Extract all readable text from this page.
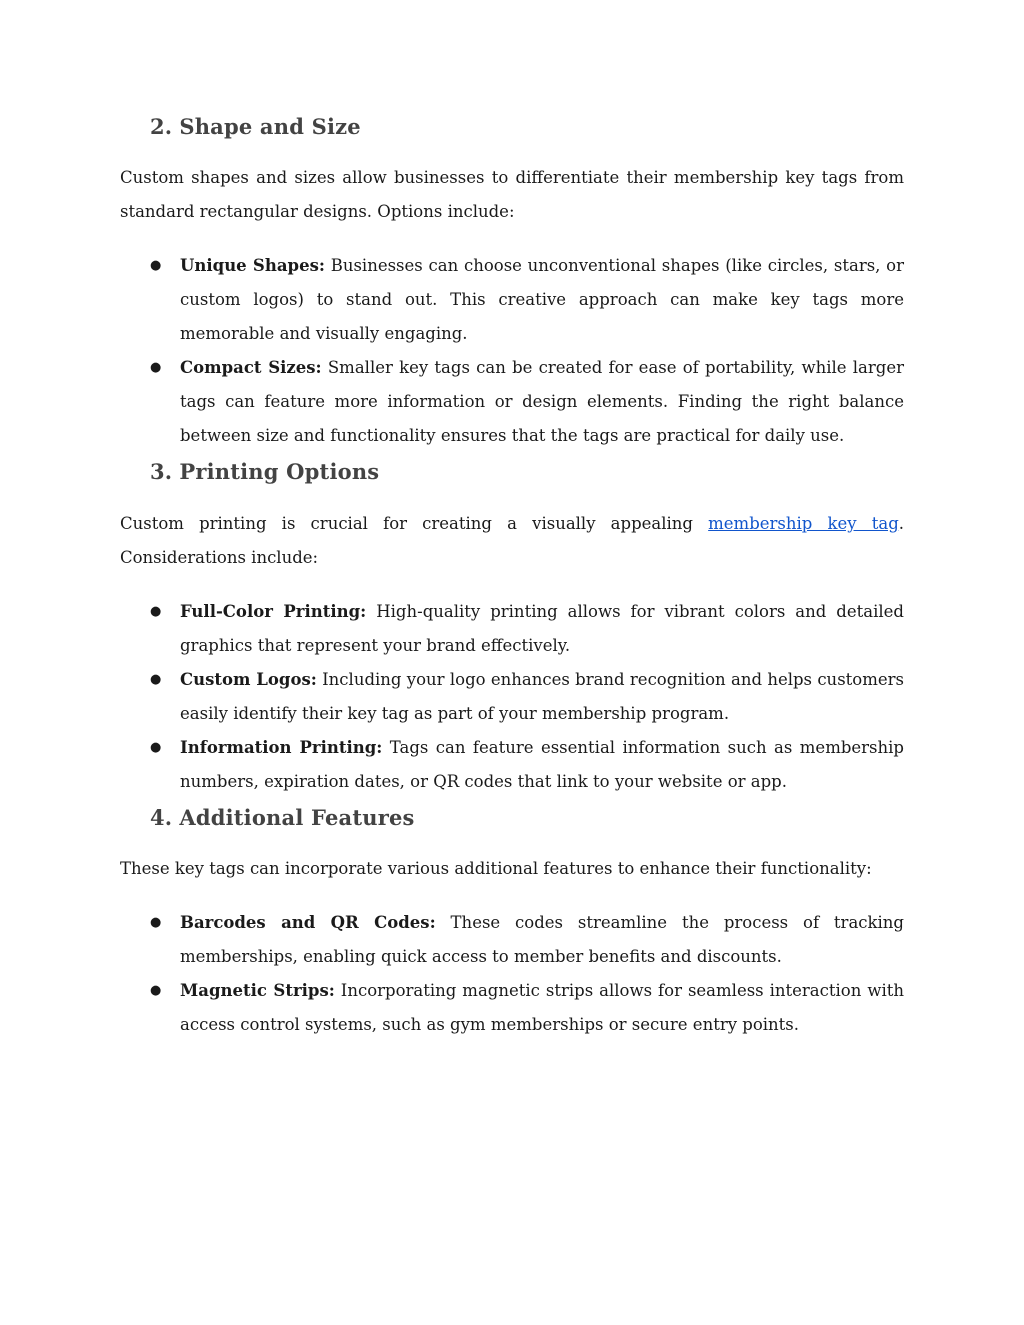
2. Shape and Size

Custom shapes and sizes allow businesses to differentiate their membership key tags from standard rectangular designs. Options include:

● Unique Shapes: Businesses can choose unconventional shapes (like circles, stars, or custom logos) to stand out. This creative approach can make key tags more memorable and visually engaging.
● Compact Sizes: Smaller key tags can be created for ease of portability, while larger tags can feature more information or design elements. Finding the right balance between size and functionality ensures that the tags are practical for daily use.
3. Printing Options

Custom printing is crucial for creating a visually appealing membership key tag. Considerations include:

● Full-Color Printing: High-quality printing allows for vibrant colors and detailed graphics that represent your brand effectively.
● Custom Logos: Including your logo enhances brand recognition and helps customers easily identify their key tag as part of your membership program.
● Information Printing: Tags can feature essential information such as membership numbers, expiration dates, or QR codes that link to your website or app.
4. Additional Features

These key tags can incorporate various additional features to enhance their functionality:

● Barcodes and QR Codes: These codes streamline the process of tracking memberships, enabling quick access to member benefits and discounts.
● Magnetic Strips: Incorporating magnetic strips allows for seamless interaction with access control systems, such as gym memberships or secure entry points.
